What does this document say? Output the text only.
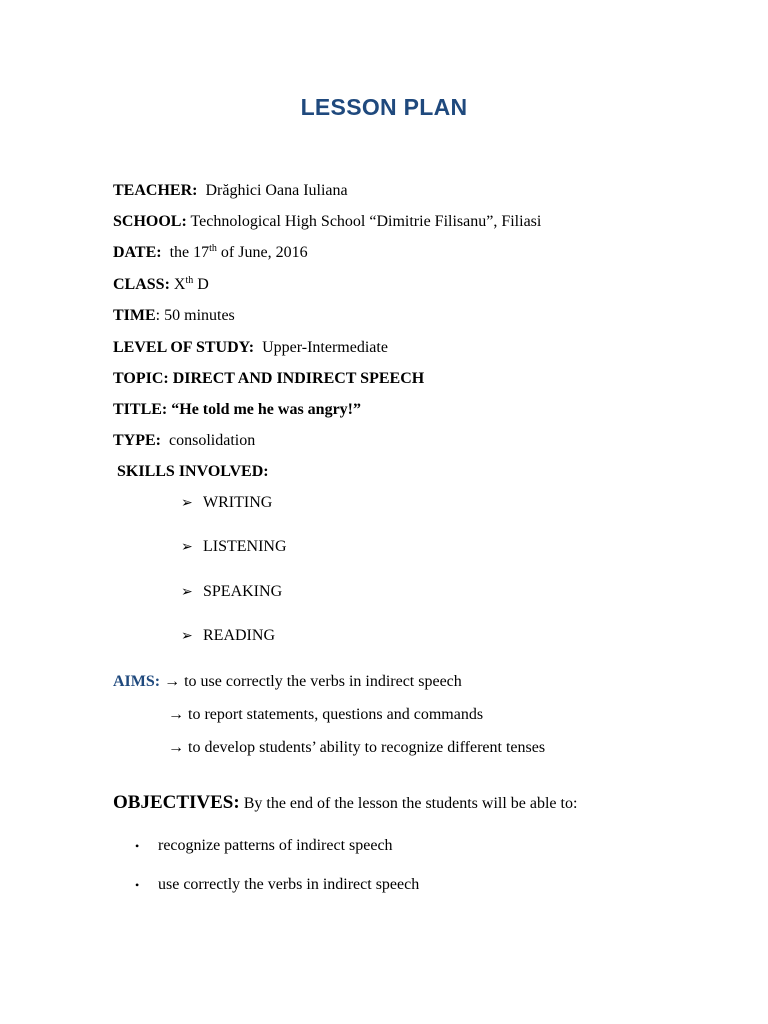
LESSON PLAN
TEACHER: Drăghici Oana Iuliana
SCHOOL: Technological High School “Dimitrie Filisanu”, Filiasi
DATE: the 17th of June, 2016
CLASS: Xth D
TIME: 50 minutes
LEVEL OF STUDY: Upper-Intermediate
TOPIC: DIRECT AND INDIRECT SPEECH
TITLE: “He told me he was angry!”
TYPE: consolidation
SKILLS INVOLVED:
➢ WRITING
➢ LISTENING
➢ SPEAKING
➢ READING
AIMS: → to use correctly the verbs in indirect speech
→ to report statements, questions and commands
→ to develop students’ ability to recognize different tenses
OBJECTIVES: By the end of the lesson the students will be able to:
• recognize patterns of indirect speech
• use correctly the verbs in indirect speech
